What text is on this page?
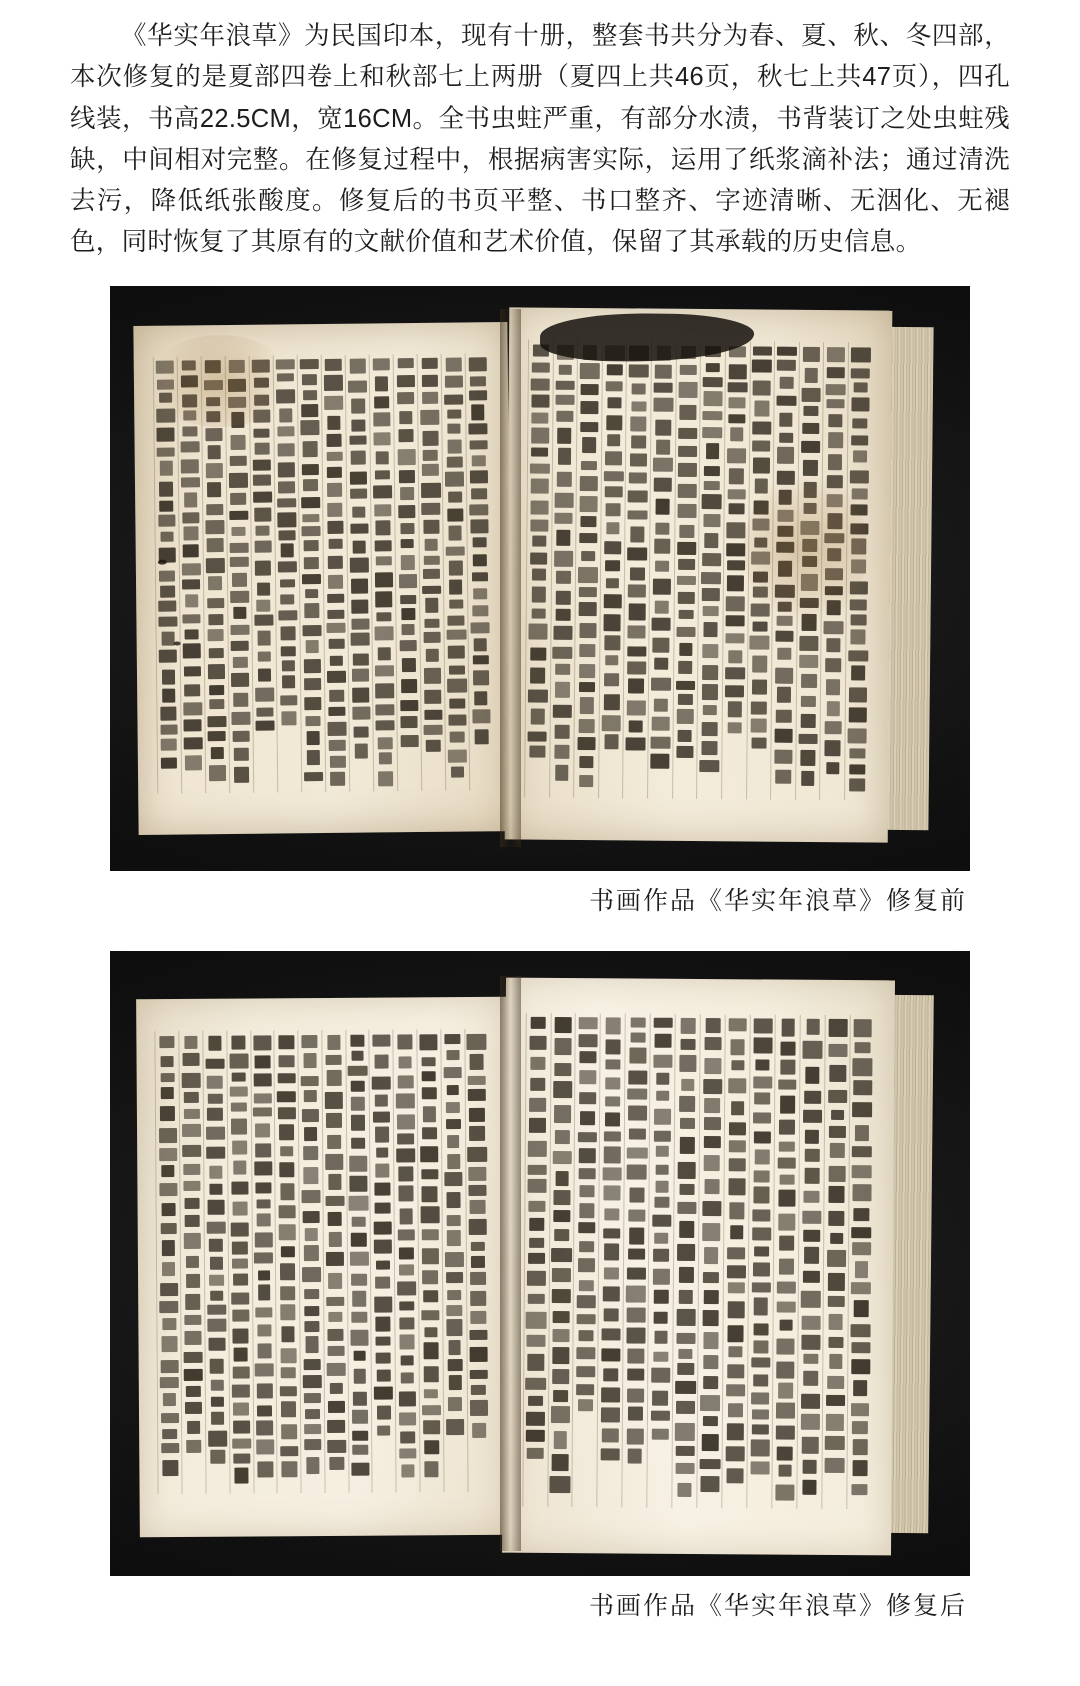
《华实年浪草》为民国印本，现有十册，整套书共分为春、夏、秋、冬四部，本次修复的是夏部四卷上和秋部七上两册（夏四上共46页，秋七上共47页），四孔线装，书高22.5CM，宽16CM。全书虫蛀严重，有部分水渍，书背装订之处虫蛀残缺，中间相对完整。在修复过程中，根据病害实际，运用了纸浆滴补法；通过清洗去污，降低纸张酸度。修复后的书页平整、书口整齐、字迹清晰、无洇化、无褪色，同时恢复了其原有的文献价值和艺术价值，保留了其承载的历史信息。

书画作品《华实年浪草》修复前
书画作品《华实年浪草》修复后
